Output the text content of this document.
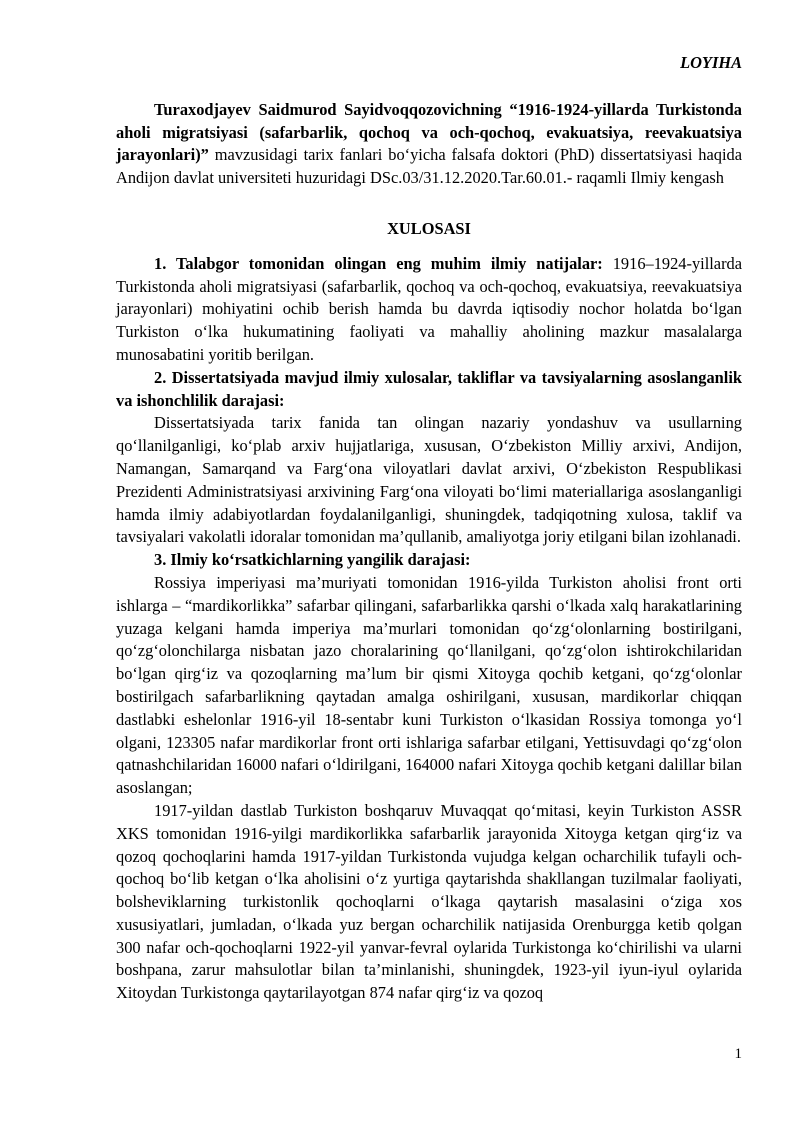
LOYIHA

Turaxodjayev Saidmurod Sayidvoqqozovichning “1916-1924-yillarda Turkistonda aholi migratsiyasi (safarbarlik, qochoq va och-qochoq, evakuatsiya, reevakuatsiya jarayonlari)” mavzusidagi tarix fanlari bo‘yicha falsafa doktori (PhD) dissertatsiyasi haqida Andijon davlat universiteti huzuridagi DSc.03/31.12.2020.Tar.60.01.- raqamli Ilmiy kengash

XULOSASI

1. Talabgor tomonidan olingan eng muhim ilmiy natijalar: 1916–1924-yillarda Turkistonda aholi migratsiyasi (safarbarlik, qochoq va och-qochoq, evakuatsiya, reevakuatsiya jarayonlari) mohiyatini ochib berish hamda bu davrda iqtisodiy nochor holatda bo‘lgan Turkiston o‘lka hukumatining faoliyati va mahalliy aholining mazkur masalalarga munosabatini yoritib berilgan.

2. Dissertatsiyada mavjud ilmiy xulosalar, takliflar va tavsiyalarning asoslanganlik va ishonchlilik darajasi:

Dissertatsiyada tarix fanida tan olingan nazariy yondashuv va usullarning qo‘llanilganligi, ko‘plab arxiv hujjatlariga, xususan, O‘zbekiston Milliy arxivi, Andijon, Namangan, Samarqand va Farg‘ona viloyatlari davlat arxivi, O‘zbekiston Respublikasi Prezidenti Administratsiyasi arxivining Farg‘ona viloyati bo‘limi materiallariga asoslanganligi hamda ilmiy adabiyotlardan foydalanilganligi, shuningdek, tadqiqotning xulosa, taklif va tavsiyalari vakolatli idoralar tomonidan ma’qullanib, amaliyotga joriy etilgani bilan izohlanadi.

3. Ilmiy ko‘rsatkichlarning yangilik darajasi:

Rossiya imperiyasi ma’muriyati tomonidan 1916-yilda Turkiston aholisi front orti ishlarga – “mardikorlikka” safarbar qilingani, safarbarlikka qarshi o‘lkada xalq harakatlarining yuzaga kelgani hamda imperiya ma’murlari tomonidan qo‘zg‘olonlarning bostirilgani, qo‘zg‘olonchilarga nisbatan jazo choralarining qo‘llanilgani, qo‘zg‘olon ishtirokchilaridan bo‘lgan qirg‘iz va qozoqlarning ma’lum bir qismi Xitoyga qochib ketgani, qo‘zg‘olonlar bostirilgach safarbarlikning qaytadan amalga oshirilgani, xususan, mardikorlar chiqqan dastlabki eshelonlar 1916-yil 18-sentabr kuni Turkiston o‘lkasidan Rossiya tomonga yo‘l olgani, 123305 nafar mardikorlar front orti ishlariga safarbar etilgani, Yettisuvdagi qo‘zg‘olon qatnashchilaridan 16000 nafari o‘ldirilgani, 164000 nafari Xitoyga qochib ketgani dalillar bilan asoslangan;

1917-yildan dastlab Turkiston boshqaruv Muvaqqat qo‘mitasi, keyin Turkiston ASSR XKS tomonidan 1916-yilgi mardikorlikka safarbarlik jarayonida Xitoyga ketgan qirg‘iz va qozoq qochoqlarini hamda 1917-yildan Turkistonda vujudga kelgan ocharchilik tufayli och-qochoq bo‘lib ketgan o‘lka aholisini o‘z yurtiga qaytarishda shakllangan tuzilmalar faoliyati, bolsheviklarning turkistonlik qochoqlarni o‘lkaga qaytarish masalasini o‘ziga xos xususiyatlari, jumladan, o‘lkada yuz bergan ocharchilik natijasida Orenburgga ketib qolgan 300 nafar och-qochoqlarni 1922-yil yanvar-fevral oylarida Turkistonga ko‘chirilishi va ularni boshpana, zarur mahsulotlar bilan ta’minlanishi, shuningdek, 1923-yil iyun-iyul oylarida Xitoydan Turkistonga qaytarilayotgan 874 nafar qirg‘iz va qozoq

1
